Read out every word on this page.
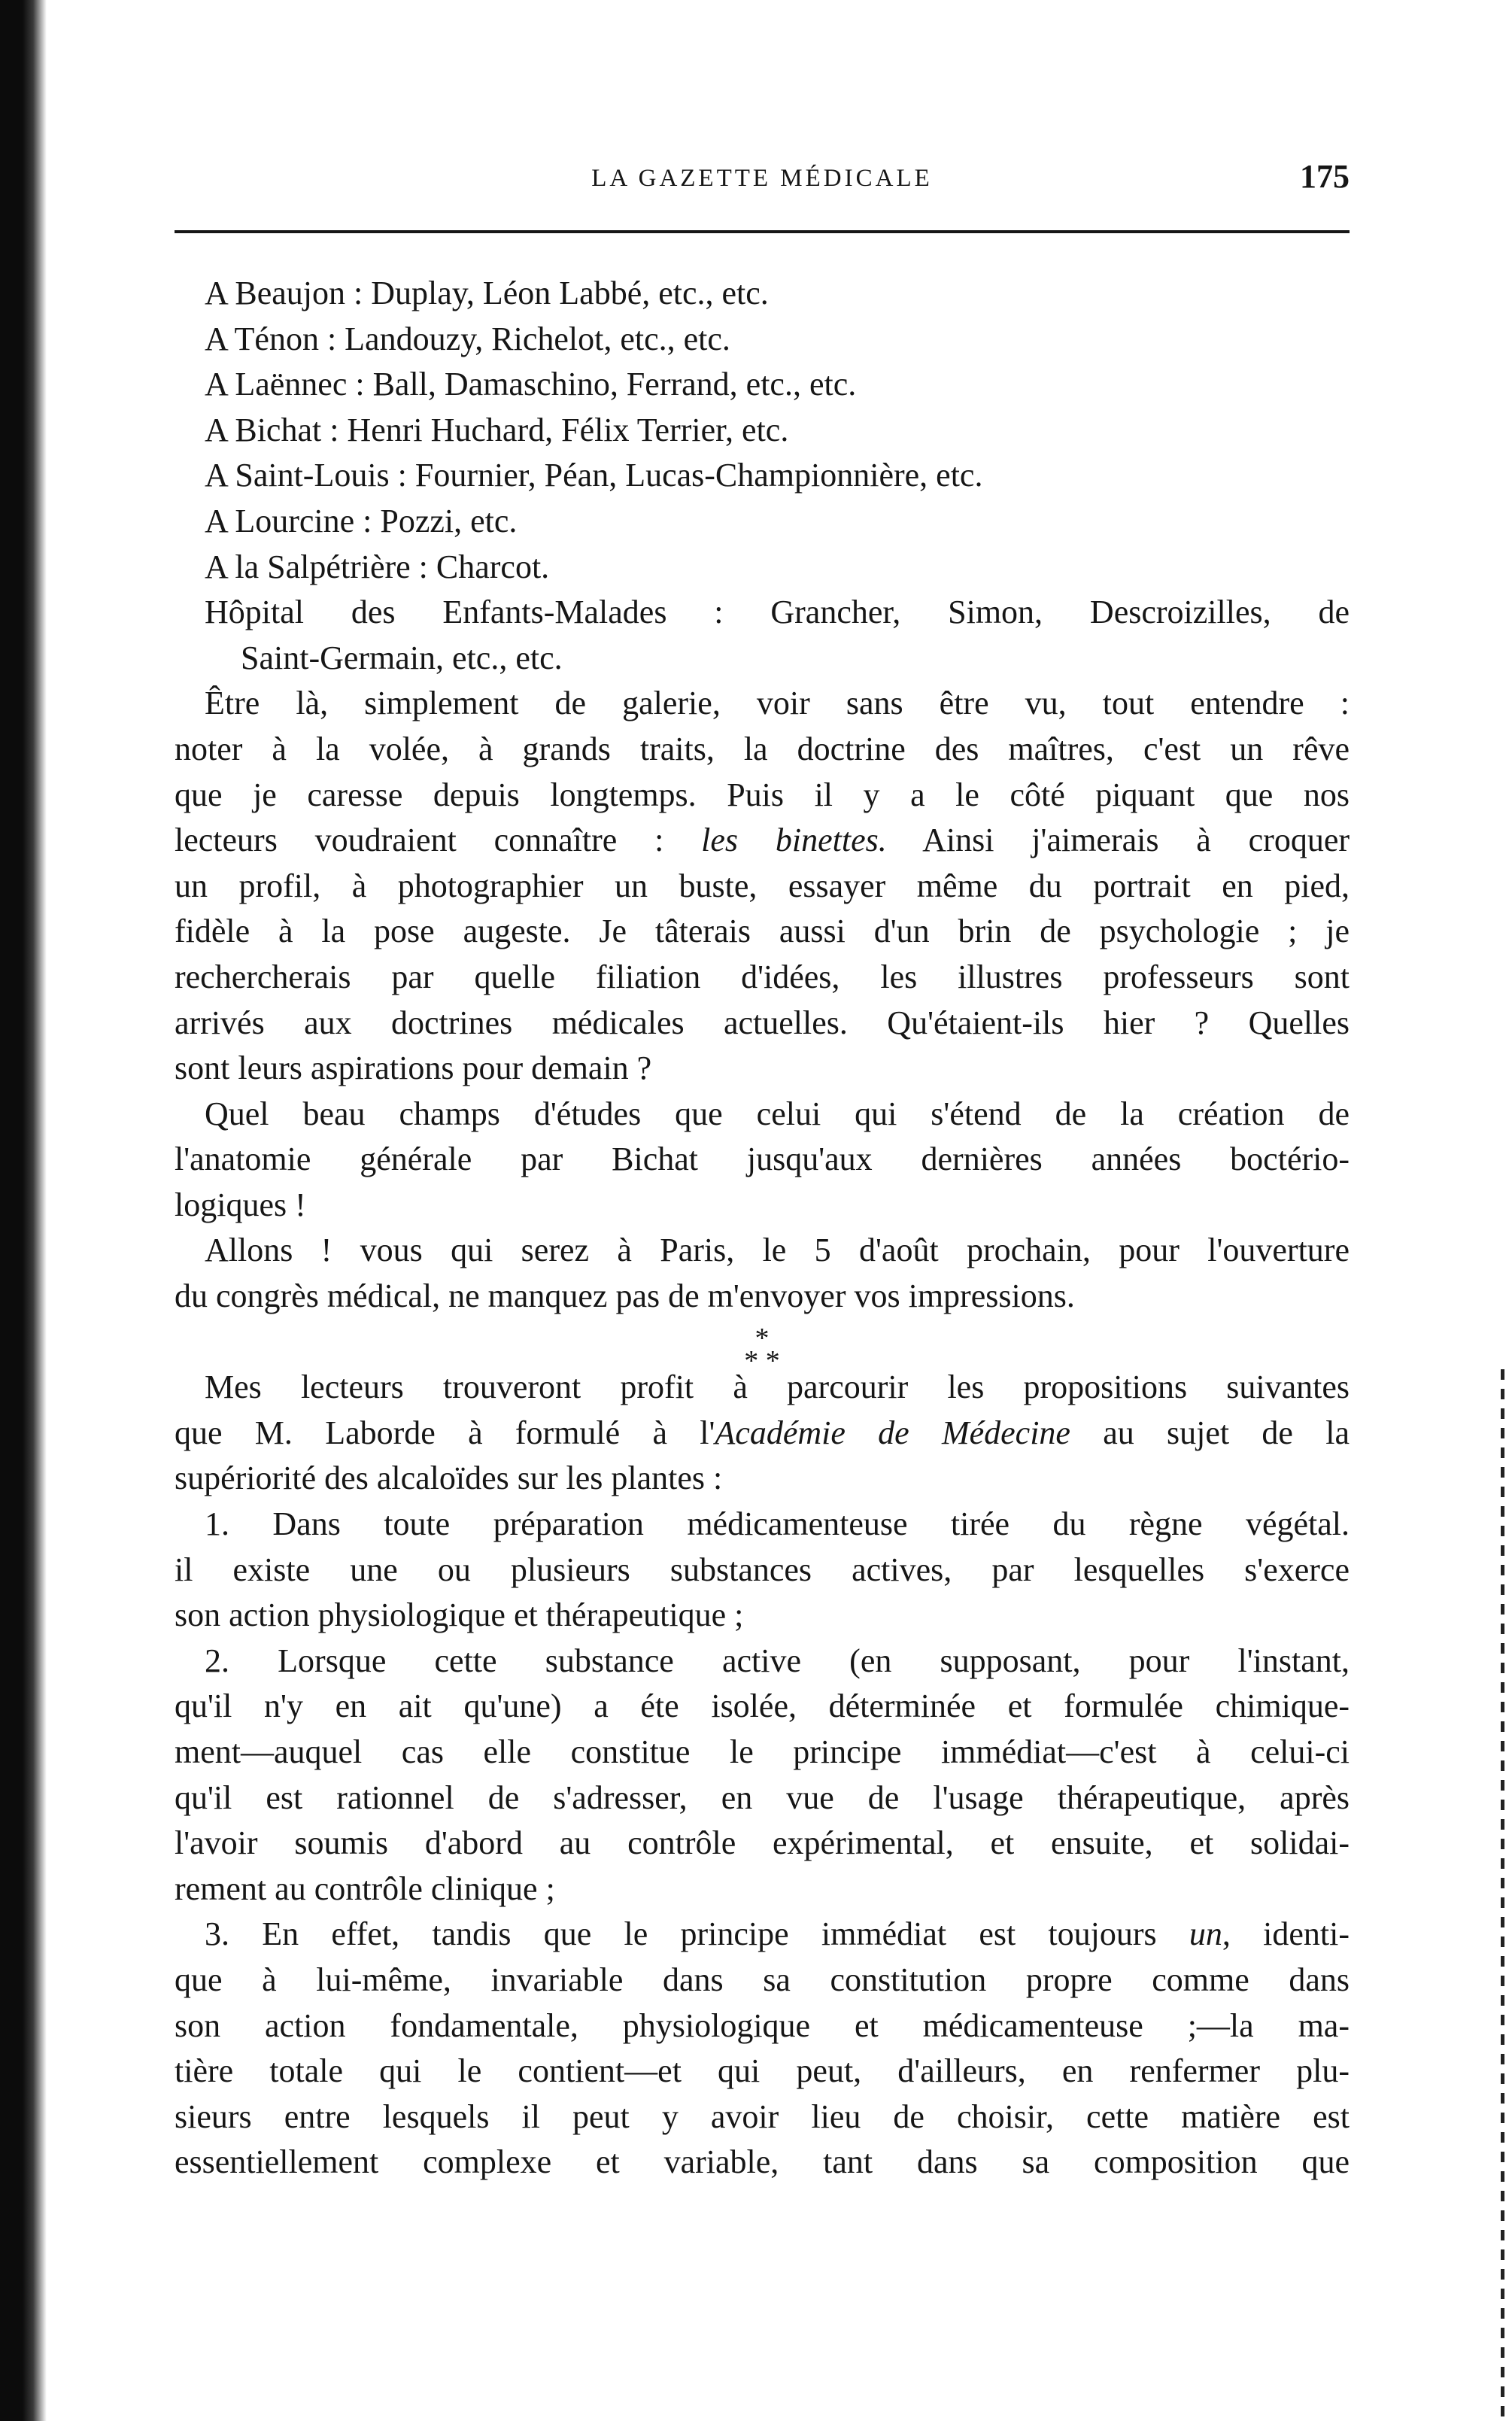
LA GAZETTE MÉDICALE	175
A Beaujon : Duplay, Léon Labbé, etc., etc.
A Ténon : Landouzy, Richelot, etc., etc.
A Laënnec : Ball, Damaschino, Ferrand, etc., etc.
A Bichat : Henri Huchard, Félix Terrier, etc.
A Saint-Louis : Fournier, Péan, Lucas-Championnière, etc.
A Lourcine : Pozzi, etc.
A la Salpétrière : Charcot.
Hôpital des Enfants-Malades : Grancher, Simon, Descroizilles, de
Saint-Germain, etc., etc.
Être là, simplement de galerie, voir sans être vu, tout entendre :
noter à la volée, à grands traits, la doctrine des maîtres, c'est un rêve
que je caresse depuis longtemps. Puis il y a le côté piquant que nos
lecteurs voudraient connaître : les binettes. Ainsi j'aimerais à croquer
un profil, à photographier un buste, essayer même du portrait en pied,
fidèle à la pose augeste. Je tâterais aussi d'un brin de psychologie ; je
rechercherais par quelle filiation d'idées, les illustres professeurs sont
arrivés aux doctrines médicales actuelles. Qu'étaient-ils hier ? Quelles
sont leurs aspirations pour demain ?
Quel beau champs d'études que celui qui s'étend de la création de
l'anatomie générale par Bichat jusqu'aux dernières années boctério-
logiques !
Allons ! vous qui serez à Paris, le 5 d'août prochain, pour l'ouverture
du congrès médical, ne manquez pas de m'envoyer vos impressions.
*
* *
Mes lecteurs trouveront profit à parcourir les propositions suivantes
que M. Laborde à formulé à l'Académie de Médecine au sujet de la
supériorité des alcaloïdes sur les plantes :
1. Dans toute préparation médicamenteuse tirée du règne végétal.
il existe une ou plusieurs substances actives, par lesquelles s'exerce
son action physiologique et thérapeutique ;
2. Lorsque cette substance active (en supposant, pour l'instant,
qu'il n'y en ait qu'une) a éte isolée, déterminée et formulée chimique-
ment—auquel cas elle constitue le principe immédiat—c'est à celui-ci
qu'il est rationnel de s'adresser, en vue de l'usage thérapeutique, après
l'avoir soumis d'abord au contrôle expérimental, et ensuite, et solidai-
rement au contrôle clinique ;
3. En effet, tandis que le principe immédiat est toujours un, identi-
que à lui-même, invariable dans sa constitution propre comme dans
son action fondamentale, physiologique et médicamenteuse ;—la ma-
tière totale qui le contient—et qui peut, d'ailleurs, en renfermer plu-
sieurs entre lesquels il peut y avoir lieu de choisir, cette matière est
essentiellement complexe et variable, tant dans sa composition que
